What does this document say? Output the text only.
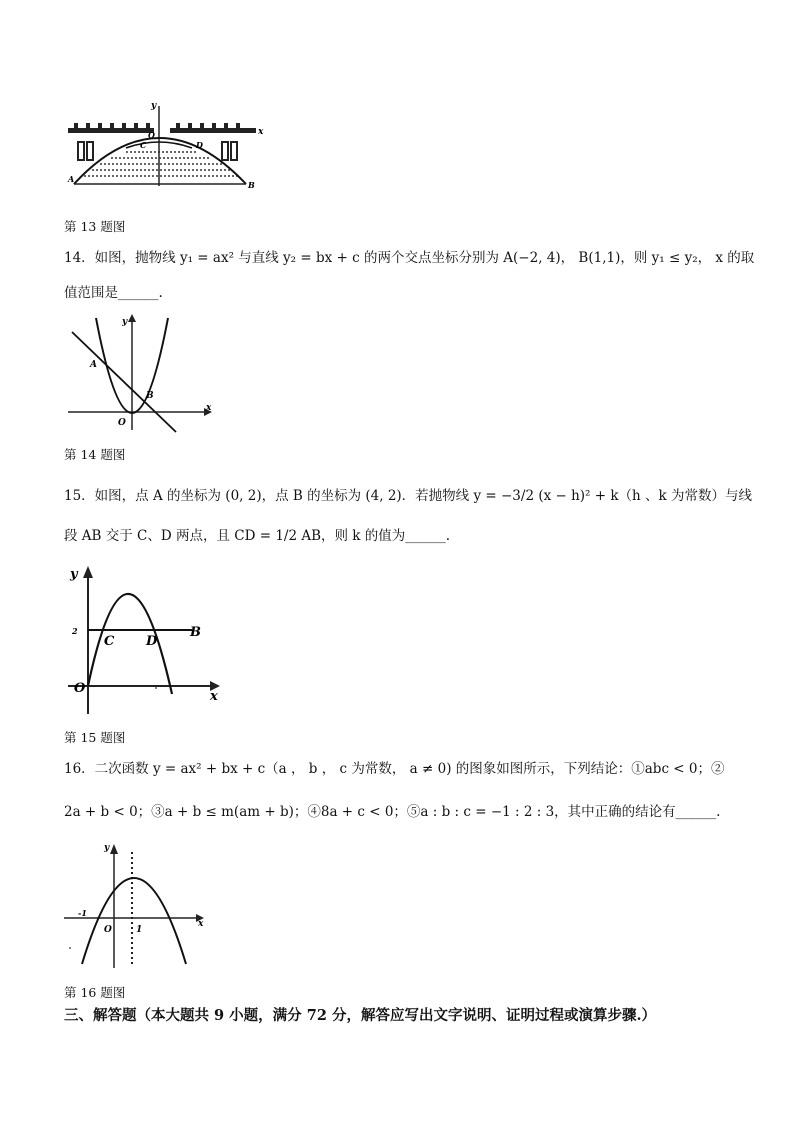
y
x
O
C	D
A
B
第 13 题图
14．如图，抛物线 y₁ = ax² 与直线 y₂ = bx + c 的两个交点坐标分别为 A(−2, 4)， B(1,1)，则 y₁ ≤ y₂， x 的取
值范围是______.
y
x
O
A
B
第 14 题图
15．如图，点 A 的坐标为 (0, 2)，点 B 的坐标为 (4, 2)．若抛物线 y = −3/2 (x − h)² + k（h 、k 为常数）与线
段 AB 交于 C、D 两点，且 CD = 1/2 AB，则 k 的值为______.
y
x
O
2
C D
B
第 15 题图
16．二次函数 y = ax² + bx + c（a ， b ， c 为常数， a ≠ 0) 的图象如图所示，下列结论：①abc < 0；②
2a + b < 0；③a + b ≤ m(am + b)；④8a + c < 0；⑤a : b : c = −1 : 2 : 3，其中正确的结论有______.
y
x
O
-1
1
第 16 题图
三、解答题（本大题共 9 小题，满分 72 分，解答应写出文字说明、证明过程或演算步骤.）
